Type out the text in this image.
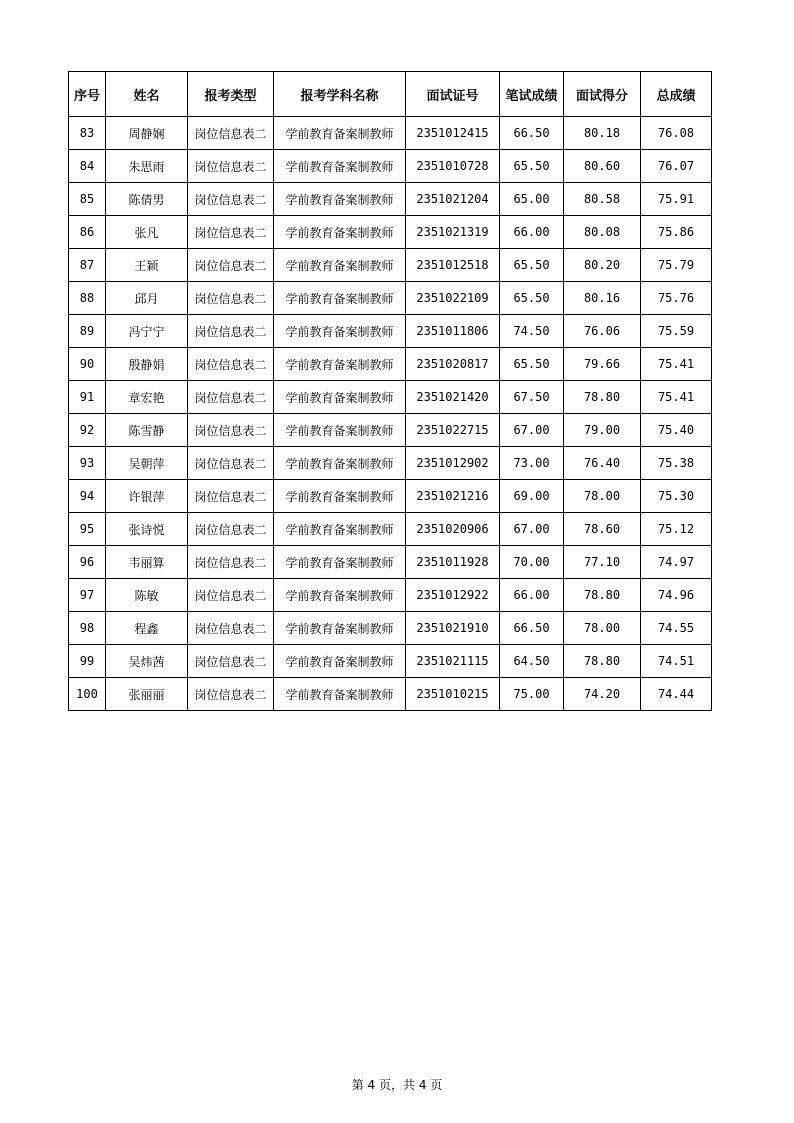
序号	姓名	报考类型	报考学科名称	面试证号	笔试成绩	面试得分	总成绩
83	周静娴	岗位信息表二	学前教育备案制教师	2351012415	66.50	80.18	76.08
84	朱思雨	岗位信息表二	学前教育备案制教师	2351010728	65.50	80.60	76.07
85	陈倩男	岗位信息表二	学前教育备案制教师	2351021204	65.00	80.58	75.91
86	张凡	岗位信息表二	学前教育备案制教师	2351021319	66.00	80.08	75.86
87	王颖	岗位信息表二	学前教育备案制教师	2351012518	65.50	80.20	75.79
88	邱月	岗位信息表二	学前教育备案制教师	2351022109	65.50	80.16	75.76
89	冯宁宁	岗位信息表二	学前教育备案制教师	2351011806	74.50	76.06	75.59
90	殷静娟	岗位信息表二	学前教育备案制教师	2351020817	65.50	79.66	75.41
91	章宏艳	岗位信息表二	学前教育备案制教师	2351021420	67.50	78.80	75.41
92	陈雪静	岗位信息表二	学前教育备案制教师	2351022715	67.00	79.00	75.40
93	吴朝萍	岗位信息表二	学前教育备案制教师	2351012902	73.00	76.40	75.38
94	许银萍	岗位信息表二	学前教育备案制教师	2351021216	69.00	78.00	75.30
95	张诗悦	岗位信息表二	学前教育备案制教师	2351020906	67.00	78.60	75.12
96	韦丽算	岗位信息表二	学前教育备案制教师	2351011928	70.00	77.10	74.97
97	陈敏	岗位信息表二	学前教育备案制教师	2351012922	66.00	78.80	74.96
98	程鑫	岗位信息表二	学前教育备案制教师	2351021910	66.50	78.00	74.55
99	吴炜茜	岗位信息表二	学前教育备案制教师	2351021115	64.50	78.80	74.51
100	张丽丽	岗位信息表二	学前教育备案制教师	2351010215	75.00	74.20	74.44
第 4 页，共 4 页
